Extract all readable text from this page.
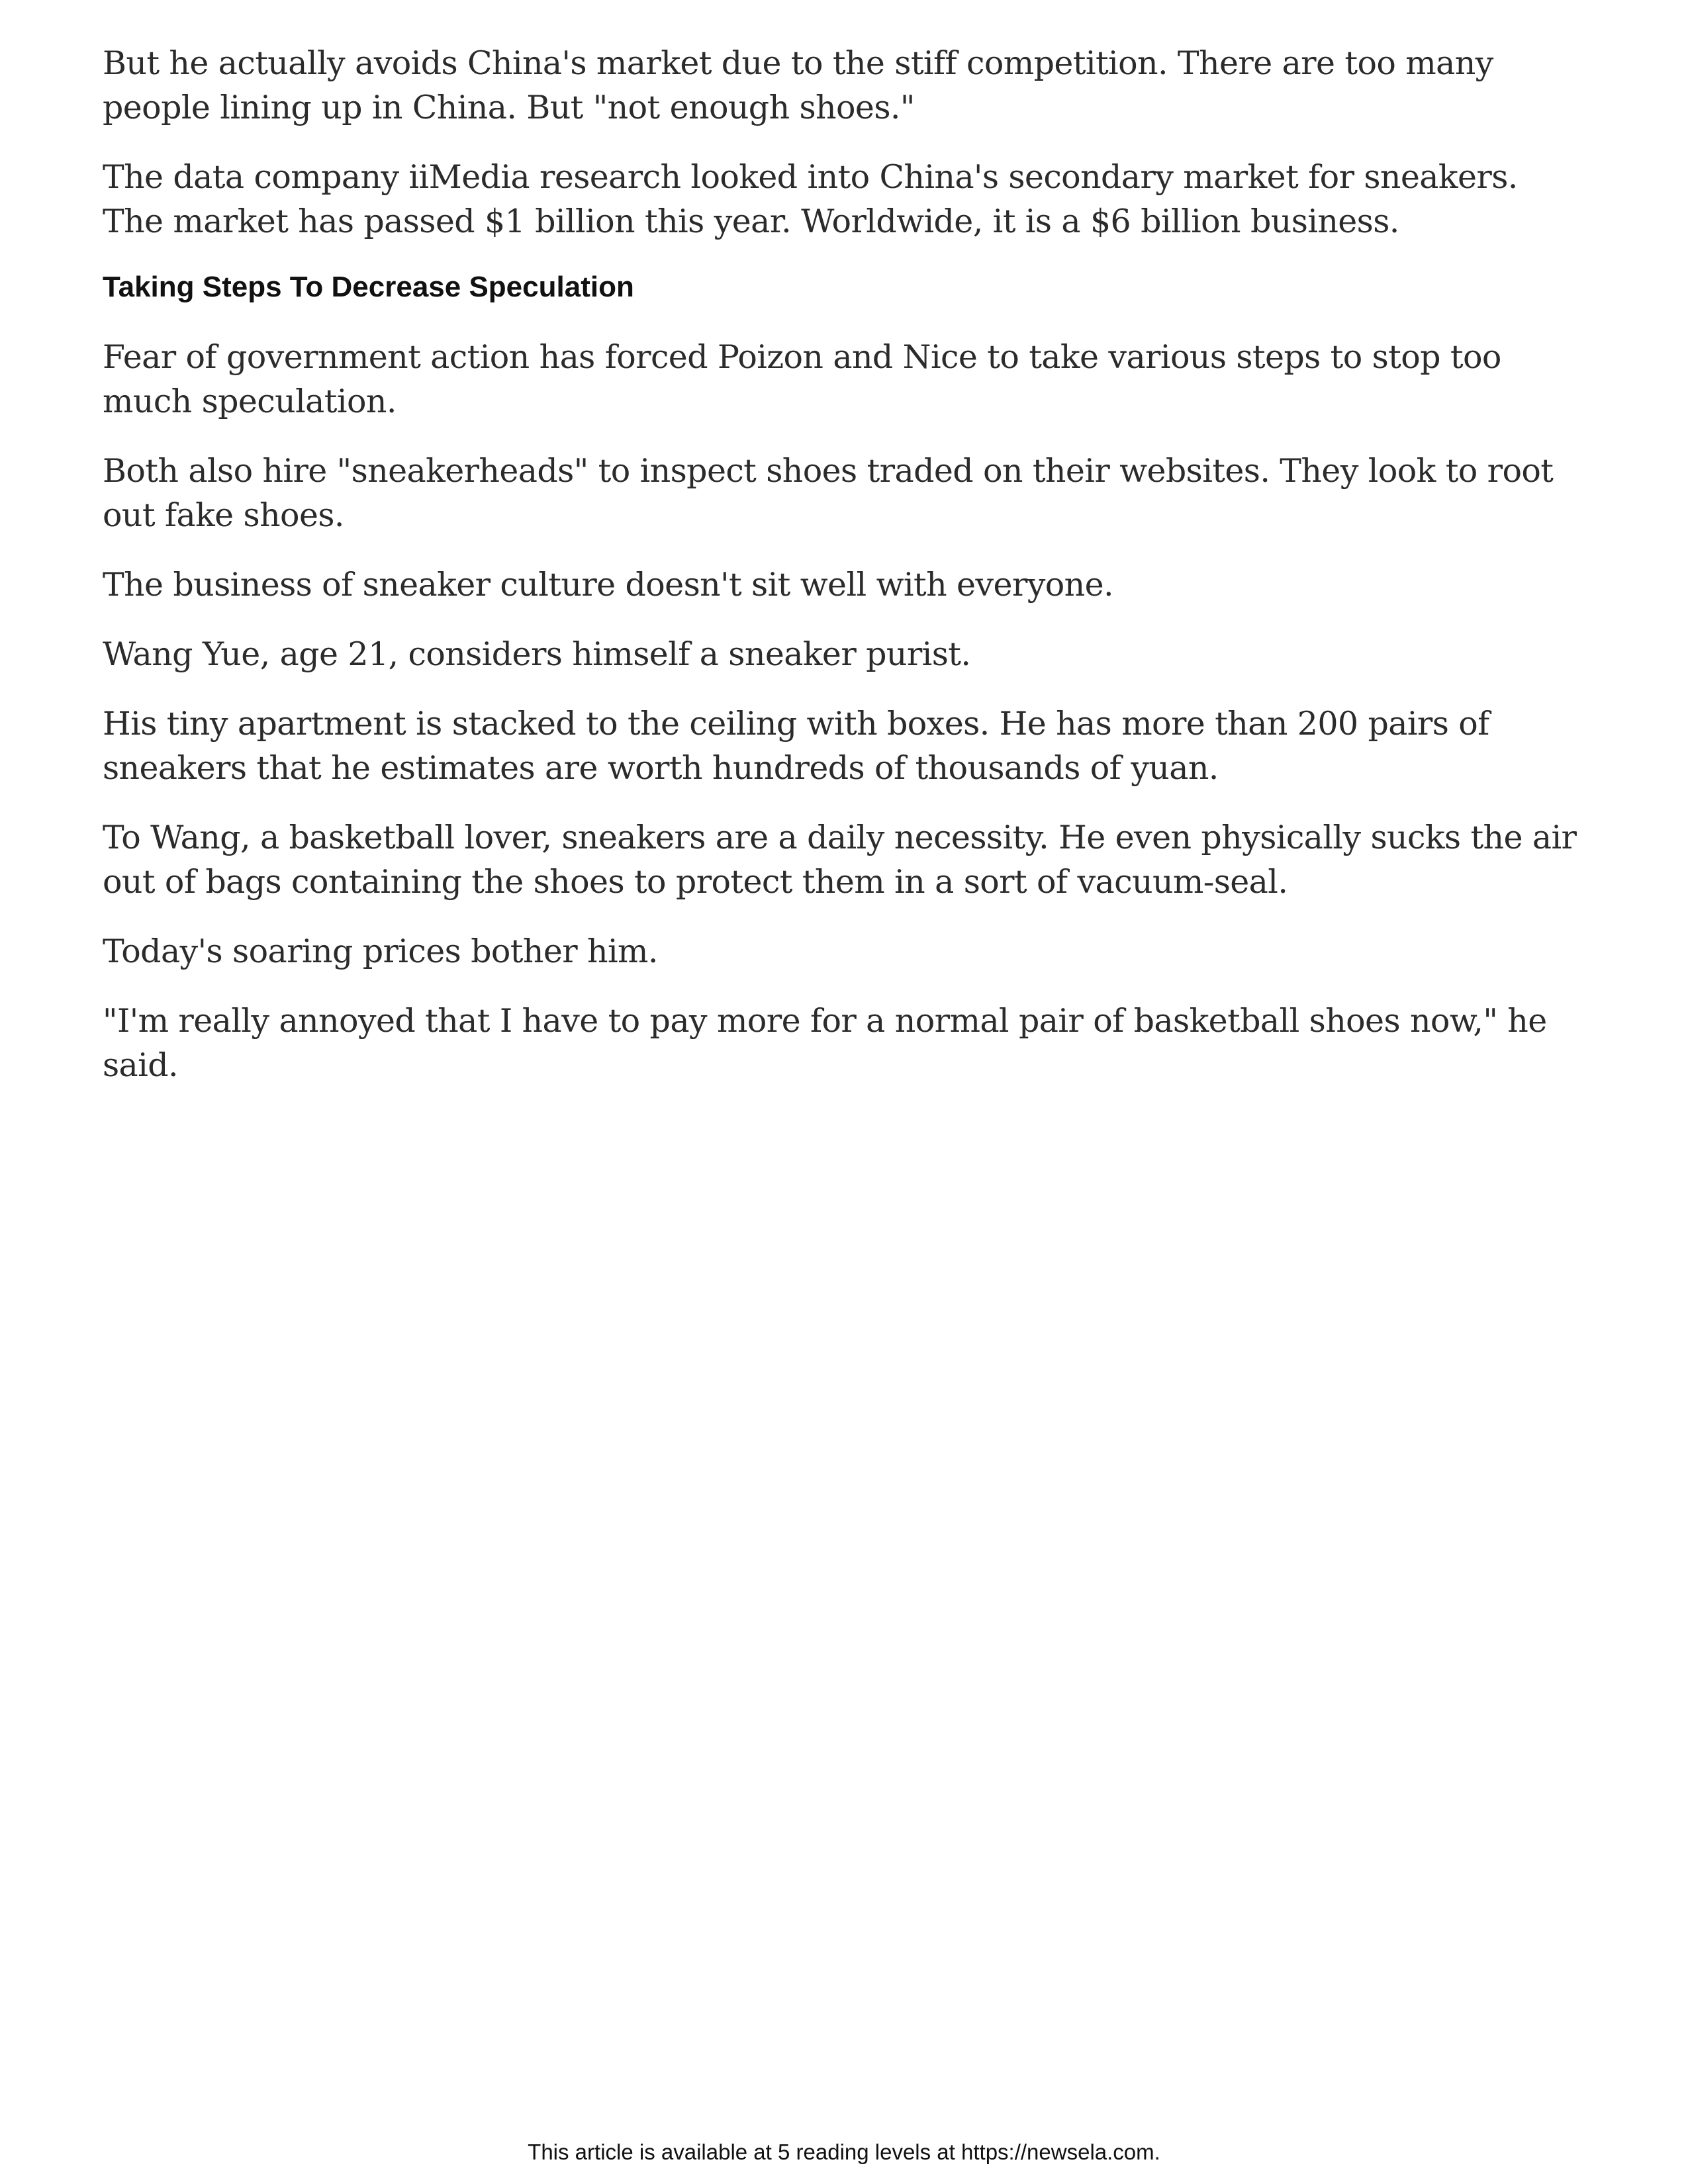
But he actually avoids China's market due to the stiff competition. There are too many people lining up in China. But "not enough shoes."

The data company iiMedia research looked into China's secondary market for sneakers. The market has passed $1 billion this year. Worldwide, it is a $6 billion business.

Taking Steps To Decrease Speculation

Fear of government action has forced Poizon and Nice to take various steps to stop too much speculation.

Both also hire "sneakerheads" to inspect shoes traded on their websites. They look to root out fake shoes.

The business of sneaker culture doesn't sit well with everyone.

Wang Yue, age 21, considers himself a sneaker purist.

His tiny apartment is stacked to the ceiling with boxes. He has more than 200 pairs of sneakers that he estimates are worth hundreds of thousands of yuan.

To Wang, a basketball lover, sneakers are a daily necessity. He even physically sucks the air out of bags containing the shoes to protect them in a sort of vacuum-seal.

Today's soaring prices bother him.

"I'm really annoyed that I have to pay more for a normal pair of basketball shoes now," he said.

This article is available at 5 reading levels at https://newsela.com.
